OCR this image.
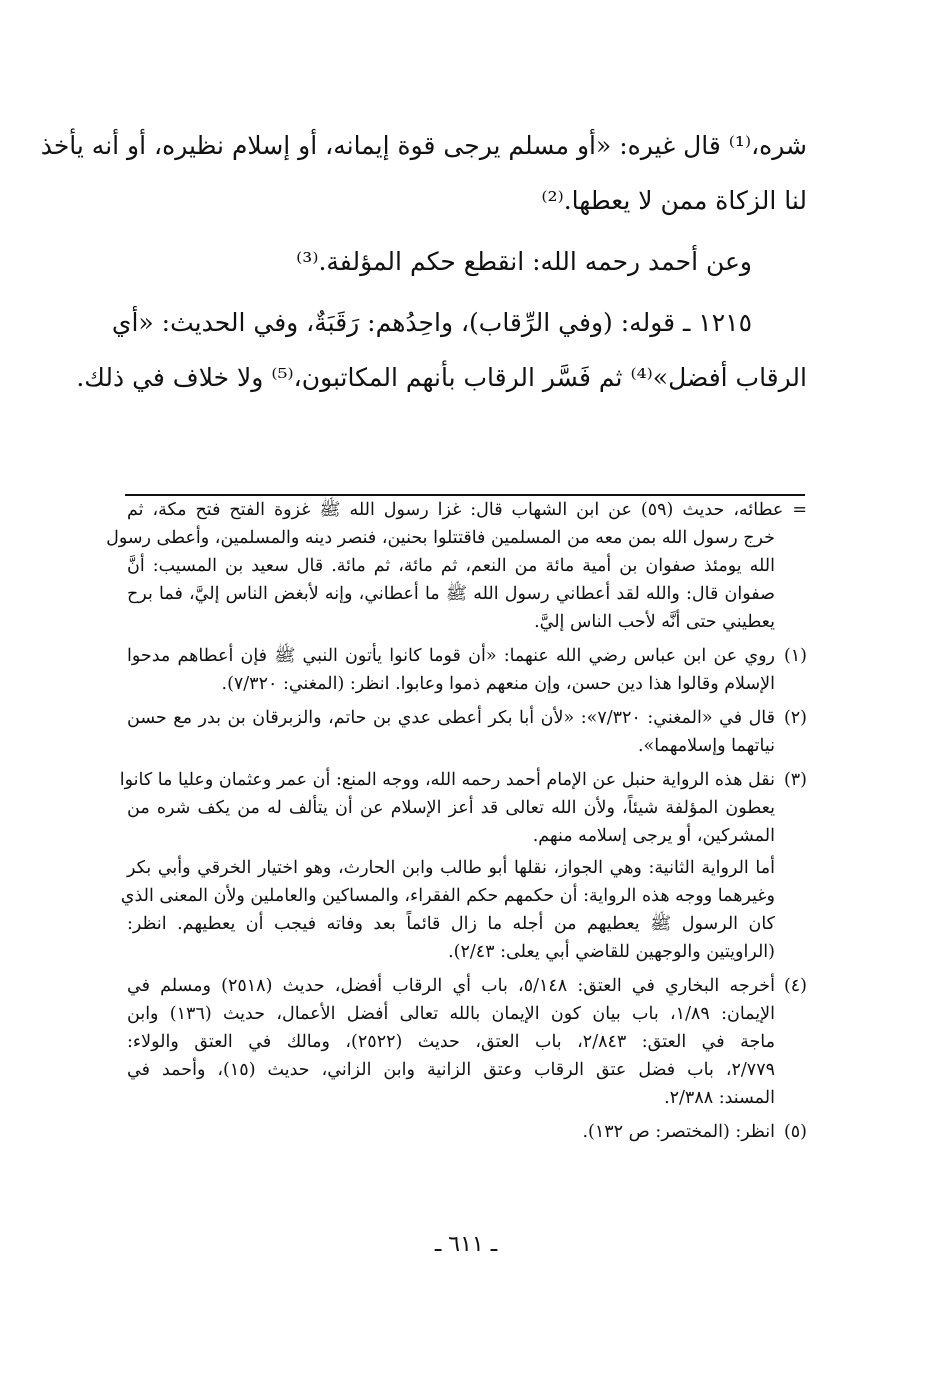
شره،⁽¹⁾ قال غيره: «أو مسلم يرجى قوة إيمانه، أو إسلام نظيره، أو أنه يأخذ

لنا الزكاة ممن لا يعطها.⁽²⁾

وعن أحمد رحمه الله: انقطع حكم المؤلفة.⁽³⁾

١٢١٥ ـ قوله: (وفي الرِّقاب)، واحِدُهم: رَقَبَةٌ، وفي الحديث: «أي

الرقاب أفضل»⁽⁴⁾ ثم فَسَّر الرقاب بأنهم المكاتبون،⁽⁵⁾ ولا خلاف في ذلك.

= عطائه، حديث (٥٩) عن ابن الشهاب قال: غزا رسول الله ﷺ غزوة الفتح فتح مكة، ثم
خرج رسول الله بمن معه من المسلمين فاقتتلوا بحنين، فنصر دينه والمسلمين، وأعطى رسول
الله يومئذ صفوان بن أمية مائة من النعم، ثم مائة، ثم مائة. قال سعيد بن المسيب: أنَّ
صفوان قال: والله لقد أعطاني رسول الله ﷺ ما أعطاني، وإنه لأبغض الناس إليَّ، فما برح
يعطيني حتى أنَّه لأحب الناس إليَّ.
(١)روي عن ابن عباس رضي الله عنهما: «أن قوما كانوا يأتون النبي ﷺ فإن أعطاهم مدحوا
الإسلام وقالوا هذا دين حسن، وإن منعهم ذموا وعابوا. انظر: (المغني: ٧/٣٢٠).
(٢)قال في «المغني: ٧/٣٢٠»: «لأن أبا بكر أعطى عدي بن حاتم، والزبرقان بن بدر مع حسن
نياتهما وإسلامهما».
(٣)نقل هذه الرواية حنبل عن الإمام أحمد رحمه الله، ووجه المنع: أن عمر وعثمان وعليا ما كانوا
يعطون المؤلفة شيئاً، ولأن الله تعالى قد أعز الإسلام عن أن يتألف له من يكف شره من
المشركين، أو يرجى إسلامه منهم.
أما الرواية الثانية: وهي الجواز، نقلها أبو طالب وابن الحارث، وهو اختيار الخرقي وأبي بكر
وغيرهما ووجه هذه الرواية: أن حكمهم حكم الفقراء، والمساكين والعاملين ولأن المعنى الذي
كان الرسول ﷺ يعطيهم من أجله ما زال قائماً بعد وفاته فيجب أن يعطيهم. انظر:
(الراويتين والوجهين للقاضي أبي يعلى: ٢/٤٣).
(٤)أخرجه البخاري في العتق: ٥/١٤٨، باب أي الرقاب أفضل، حديث (٢٥١٨) ومسلم في
الإيمان: ١/٨٩، باب بيان كون الإيمان بالله تعالى أفضل الأعمال، حديث (١٣٦) وابن
ماجة في العتق: ٢/٨٤٣، باب العتق، حديث (٢٥٢٢)، ومالك في العتق والولاء:
٢/٧٧٩، باب فضل عتق الرقاب وعتق الزانية وابن الزاني، حديث (١٥)، وأحمد في
المسند: ٢/٣٨٨.
(٥)انظر: (المختصر: ص ١٣٢).
ـ ٦١١ ـ
